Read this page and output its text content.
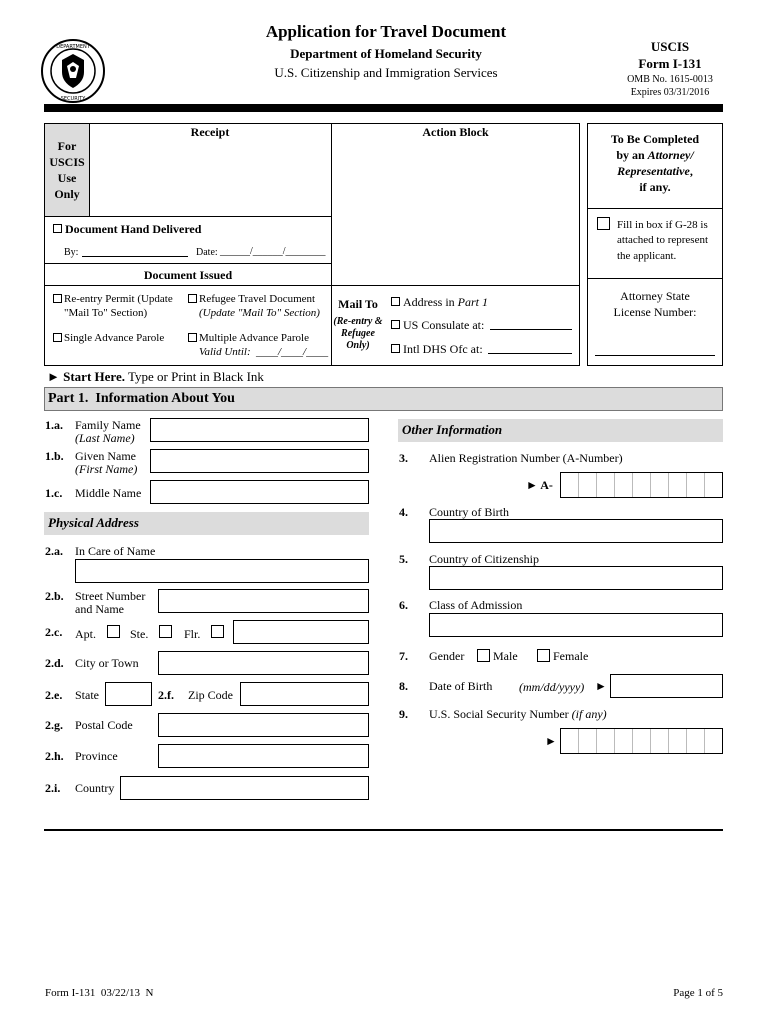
DEPARTMENT
SECURITY
Application for Travel Document
Department of Homeland Security
U.S. Citizenship and Immigration Services
USCIS
Form I-131
OMB No. 1615-0013
Expires 03/31/2016
For
USCIS
Use
Only
Receipt	Action Block
Document Hand Delivered
By:	Date: ______/______/________
Document Issued
Re-entry Permit (Update
"Mail To" Section)
Refugee Travel Document
(Update "Mail To" Section)
Single Advance Parole	Multiple Advance Parole
Valid Until: ____/____/____
Mail To
(Re-entry &
Refugee
Only)
Address in Part 1
US Consulate at:
Intl DHS Ofc at:
To Be Completed
by an Attorney/
Representative,
if any.
Fill in box if G-28 is
attached to represent
the applicant.
Attorney State
License Number:
► Start Here. Type or Print in Black Ink
Part 1.  Information About You
1.a. Family Name
(Last Name)
1.b. Given Name
(First Name)
1.c. Middle Name
Physical Address
2.a. In Care of Name
2.b. Street Number
and Name
2.c. Apt.	Ste.	Flr.
2.d. City or Town
2.e. State	2.f. Zip Code
2.g. Postal Code
2.h. Province
2.i. Country
Other Information
3. Alien Registration Number (A-Number)
► A-
4. Country of Birth
5. Country of Citizenship
6. Class of Admission
7. Gender Male	Female
8. Date of Birth (mm/dd/yyyy) ►
9. U.S. Social Security Number (if any)
►
Form I-131  03/22/13  N	Page 1 of 5
